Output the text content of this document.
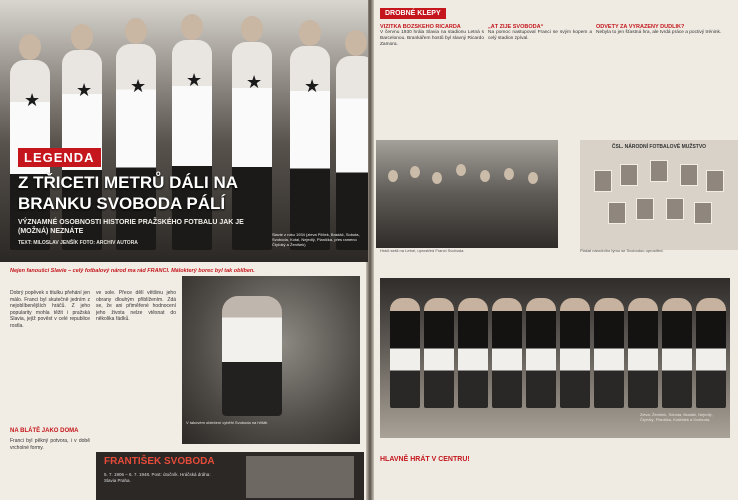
★ ★ ★ ★ ★ ★
LEGENDA
Z TŘICETI METRŮ DÁLI NA BRANKU SVOBODA PÁLÍ
VÝZNAMNÉ OSOBNOSTI HISTORIE PRAŽSKÉHO FOTBALU JAK JE (MOŽNÁ) NEZNÁTE
TEXT: MILOSLAV JENŠÍK FOTO: ARCHIV AUTORA
Slavie z roku 1934 (zleva Plíček, Bradáč, Sobota, Svoboda, Kotal, Nejedlý, Planička, přes rameno Čtyřoký a Ženíšek)
Nejen fanoušci Slavie – celý fotbalový národ ma rád FRANCI. Málokterý borec byl tak oblíben.
Dobrý popěvek s titulku přehání jen málo. Franci byl skutečně jedním z nejoblíbenějších hráčů. Z jeho popularity mohla těžit i pražská Slavia, jejíž pověst v celé republice rostla.
ve sole. Přece dělí většinu jeho obrany dlouhým přiblížením. Zdá se, že ani přiměřené hodnocení jeho života nelze vtěsnat do několika řádků.
V takovém oblečení vyběhl Svoboda na hřiště.
NA BLÁTĚ JAKO DOMA
Franci byl pěkný potvora, i v době vrcholné formy.
FRANTIŠEK SVOBODA
5. 7. 1906 – 6. 7. 1948. Post: útočník. Hráčská dráha: Slavia Praha.
DROBNÉ KLEPY
VIZITKA BOŽSKÉHO RICARDA
V červnu 1930 hrála Slavia na stadionu Letná s Barcelonou. Brankářem hostů byl slavný Ricardo Zamora.
„AŤ ŽIJE SVOBODA“
Na pomoc nastupoval Franci se svým kopem a celý stadion zpíval.
ODVETY ZA VYRAŽENÝ DUDLÍK?
Nebyla to jen šťastná hra, ale tvrdá práce a poctivý trénink.
ČSL. NÁRODNÍ FOTBALOVÉ MUŽSTVO
Hráči sešli na Letné, uprostřed Franci Svoboda.	Plakát národního týmu se Svobodou uprostřed.
Zleva: Ženíšek, Sobota, Bradáč, Nejedlý, Čtyřoký, Planička, Košťálek a Svoboda.
HLAVNĚ HRÁT V CENTRU!
